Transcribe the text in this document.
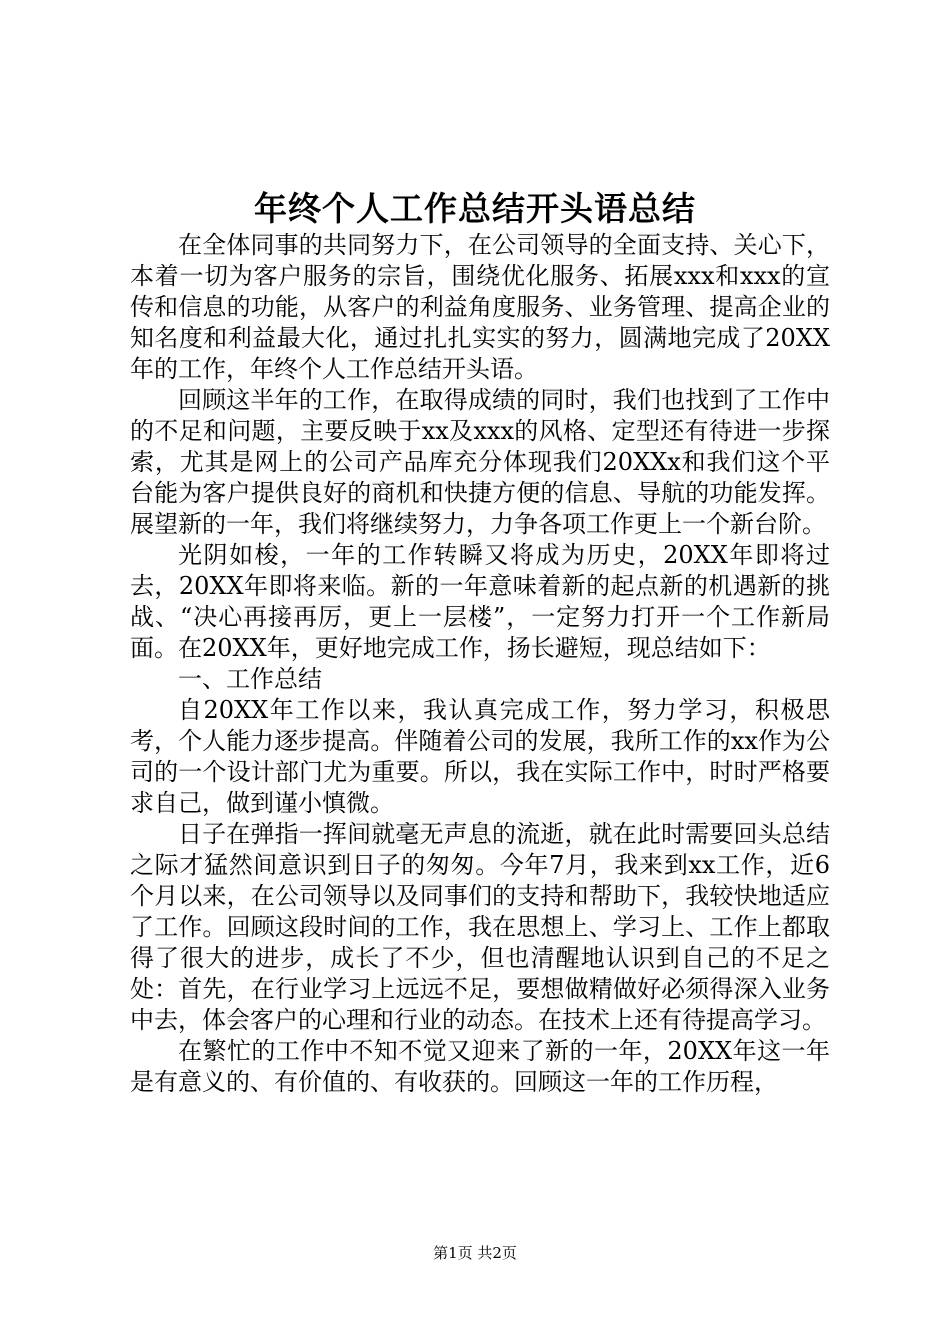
年终个人工作总结开头语总结

在全体同事的共同努力下，在公司领导的全面支持、关心下，本着一切为客户服务的宗旨，围绕优化服务、拓展xxx和xxx的宣传和信息的功能，从客户的利益角度服务、业务管理、提高企业的知名度和利益最大化，通过扎扎实实的努力，圆满地完成了20XX年的工作，年终个人工作总结开头语。

回顾这半年的工作，在取得成绩的同时，我们也找到了工作中的不足和问题，主要反映于xx及xxx的风格、定型还有待进一步探索，尤其是网上的公司产品库充分体现我们20XXx和我们这个平台能为客户提供良好的商机和快捷方便的信息、导航的功能发挥。展望新的一年，我们将继续努力，力争各项工作更上一个新台阶。

光阴如梭，一年的工作转瞬又将成为历史，20XX年即将过去，20XX年即将来临。新的一年意味着新的起点新的机遇新的挑战、“决心再接再厉，更上一层楼”，一定努力打开一个工作新局面。在20XX年，更好地完成工作，扬长避短，现总结如下：

一、工作总结

自20XX年工作以来，我认真完成工作，努力学习，积极思考，个人能力逐步提高。伴随着公司的发展，我所工作的xx作为公司的一个设计部门尤为重要。所以，我在实际工作中，时时严格要求自己，做到谨小慎微。

日子在弹指一挥间就毫无声息的流逝，就在此时需要回头总结之际才猛然间意识到日子的匆匆。今年7月，我来到xx工作，近6个月以来，在公司领导以及同事们的支持和帮助下，我较快地适应了工作。回顾这段时间的工作，我在思想上、学习上、工作上都取得了很大的进步，成长了不少，但也清醒地认识到自己的不足之处：首先，在行业学习上远远不足，要想做精做好必须得深入业务中去，体会客户的心理和行业的动态。在技术上还有待提高学习。

在繁忙的工作中不知不觉又迎来了新的一年，20XX年这一年是有意义的、有价值的、有收获的。回顾这一年的工作历程，

第1页 共2页
